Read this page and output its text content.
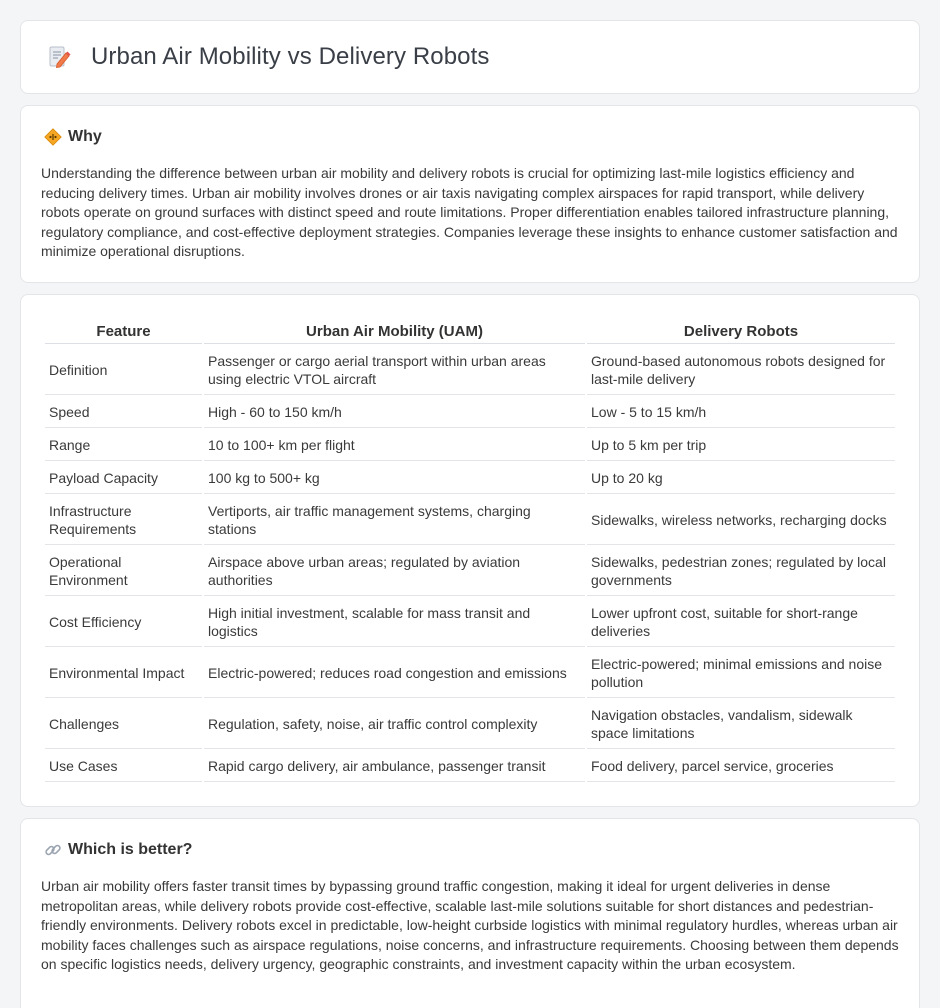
Urban Air Mobility vs Delivery Robots
Why

Understanding the difference between urban air mobility and delivery robots is crucial for optimizing last-mile logistics efficiency and reducing delivery times. Urban air mobility involves drones or air taxis navigating complex airspaces for rapid transport, while delivery robots operate on ground surfaces with distinct speed and route limitations. Proper differentiation enables tailored infrastructure planning, regulatory compliance, and cost-effective deployment strategies. Companies leverage these insights to enhance customer satisfaction and minimize operational disruptions.

Feature	Urban Air Mobility (UAM)	Delivery Robots
Definition	Passenger or cargo aerial transport within urban areas using electric VTOL aircraft	Ground-based autonomous robots designed for last-mile delivery
Speed	High - 60 to 150 km/h	Low - 5 to 15 km/h
Range	10 to 100+ km per flight	Up to 5 km per trip
Payload Capacity	100 kg to 500+ kg	Up to 20 kg
Infrastructure Requirements	Vertiports, air traffic management systems, charging stations	Sidewalks, wireless networks, recharging docks
Operational Environment	Airspace above urban areas; regulated by aviation authorities	Sidewalks, pedestrian zones; regulated by local governments
Cost Efficiency	High initial investment, scalable for mass transit and logistics	Lower upfront cost, suitable for short-range deliveries
Environmental Impact	Electric-powered; reduces road congestion and emissions	Electric-powered; minimal emissions and noise pollution
Challenges	Regulation, safety, noise, air traffic control complexity	Navigation obstacles, vandalism, sidewalk space limitations
Use Cases	Rapid cargo delivery, air ambulance, passenger transit	Food delivery, parcel service, groceries
Which is better?

Urban air mobility offers faster transit times by bypassing ground traffic congestion, making it ideal for urgent deliveries in dense metropolitan areas, while delivery robots provide cost-effective, scalable last-mile solutions suitable for short distances and pedestrian-friendly environments. Delivery robots excel in predictable, low-height curbside logistics with minimal regulatory hurdles, whereas urban air mobility faces challenges such as airspace regulations, noise concerns, and infrastructure requirements. Choosing between them depends on specific logistics needs, delivery urgency, geographic constraints, and investment capacity within the urban ecosystem.
